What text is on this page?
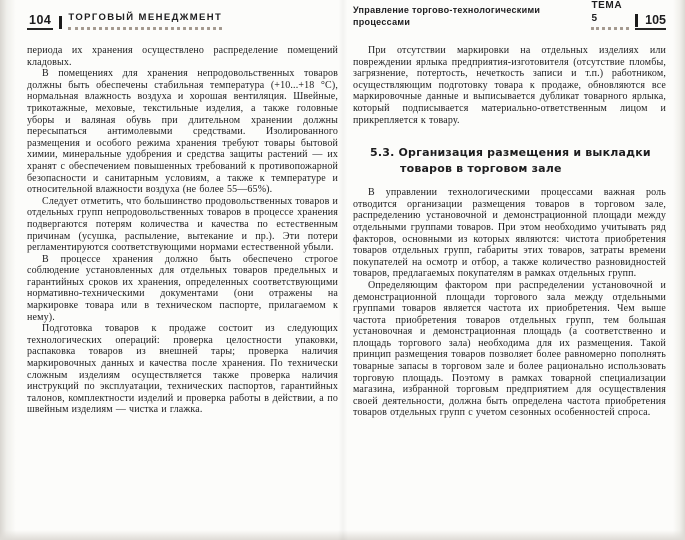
104 ТОРГОВЫЙ МЕНЕДЖМЕНТ

периода их хранения осуществлено распределение помещений кладовых.

В помещениях для хранения непродовольственных товаров должны быть обеспечены стабильная температура (+10...+18 °С), нормальная влажность воздуха и хорошая вентиляция. Швейные, трикотажные, меховые, текстильные изделия, а также головные уборы и валяная обувь при длительном хранении должны пересыпаться антимолевыми средствами. Изолированного размещения и особого режима хранения требуют товары бытовой химии, минеральные удобрения и средства защиты растений — их хранят с обеспечением повышенных требований к противопожарной безопасности и санитарным условиям, а также к температуре и относительной влажности воздуха (не более 55—65%).

Следует отметить, что большинство продовольственных товаров и отдельных групп непродовольственных товаров в процессе хранения подвергаются потерям количества и качества по естественным причинам (усушка, распыление, вытекание и пр.). Эти потери регламентируются соответствующими нормами естественной убыли.

В процессе хранения должно быть обеспечено строгое соблюдение установленных для отдельных товаров предельных и гарантийных сроков их хранения, определенных соответствующими нормативно-техническими документами (они отражены на маркировке товара или в техническом паспорте, прилагаемом к нему).

Подготовка товаров к продаже состоит из следующих технологических операций: проверка целостности упаковки, распаковка товаров из внешней тары; проверка наличия маркировочных данных и качества после хранения. По технически сложным изделиям осуществляется также проверка наличия инструкций по эксплуатации, технических паспортов, гарантийных талонов, комплектности изделий и проверка работы в действии, а по швейным изделиям — чистка и глажка.

Управление торгово-технологическими процессами
ТЕМА 5	105

При отсутствии маркировки на отдельных изделиях или повреждении ярлыка предприятия-изготовителя (отсутствие пломбы, загрязнение, потертость, нечеткость записи и т.п.) работником, осуществляющим подготовку товара к продаже, обновляются все маркировочные данные и выписывается дубликат товарного ярлыка, который подписывается материально-ответственным лицом и прикрепляется к товару.

5.3. Организация размещения и выкладки
товаров в торговом зале

В управлении технологическими процессами важная роль отводится организации размещения товаров в торговом зале, распределению установочной и демонстрационной площади между отдельными группами товаров. При этом необходимо учитывать ряд факторов, основными из которых являются: чистота приобретения товаров отдельных групп, габариты этих товаров, затраты времени покупателей на осмотр и отбор, а также количество разновидностей товаров, предлагаемых покупателям в рамках отдельных групп.

Определяющим фактором при распределении установочной и демонстрационной площади торгового зала между отдельными группами товаров является частота их приобретения. Чем выше частота приобретения товаров отдельных групп, тем большая установочная и демонстрационная площадь (а соответственно и площадь торгового зала) необходима для их размещения. Такой принцип размещения товаров позволяет более равномерно пополнять товарные запасы в торговом зале и более рационально использовать торговую площадь. Поэтому в рамках товарной специализации магазина, избранной торговым предприятием для осуществления своей деятельности, должна быть определена частота приобретения товаров отдельных групп с учетом сезонных особенностей спроса.
